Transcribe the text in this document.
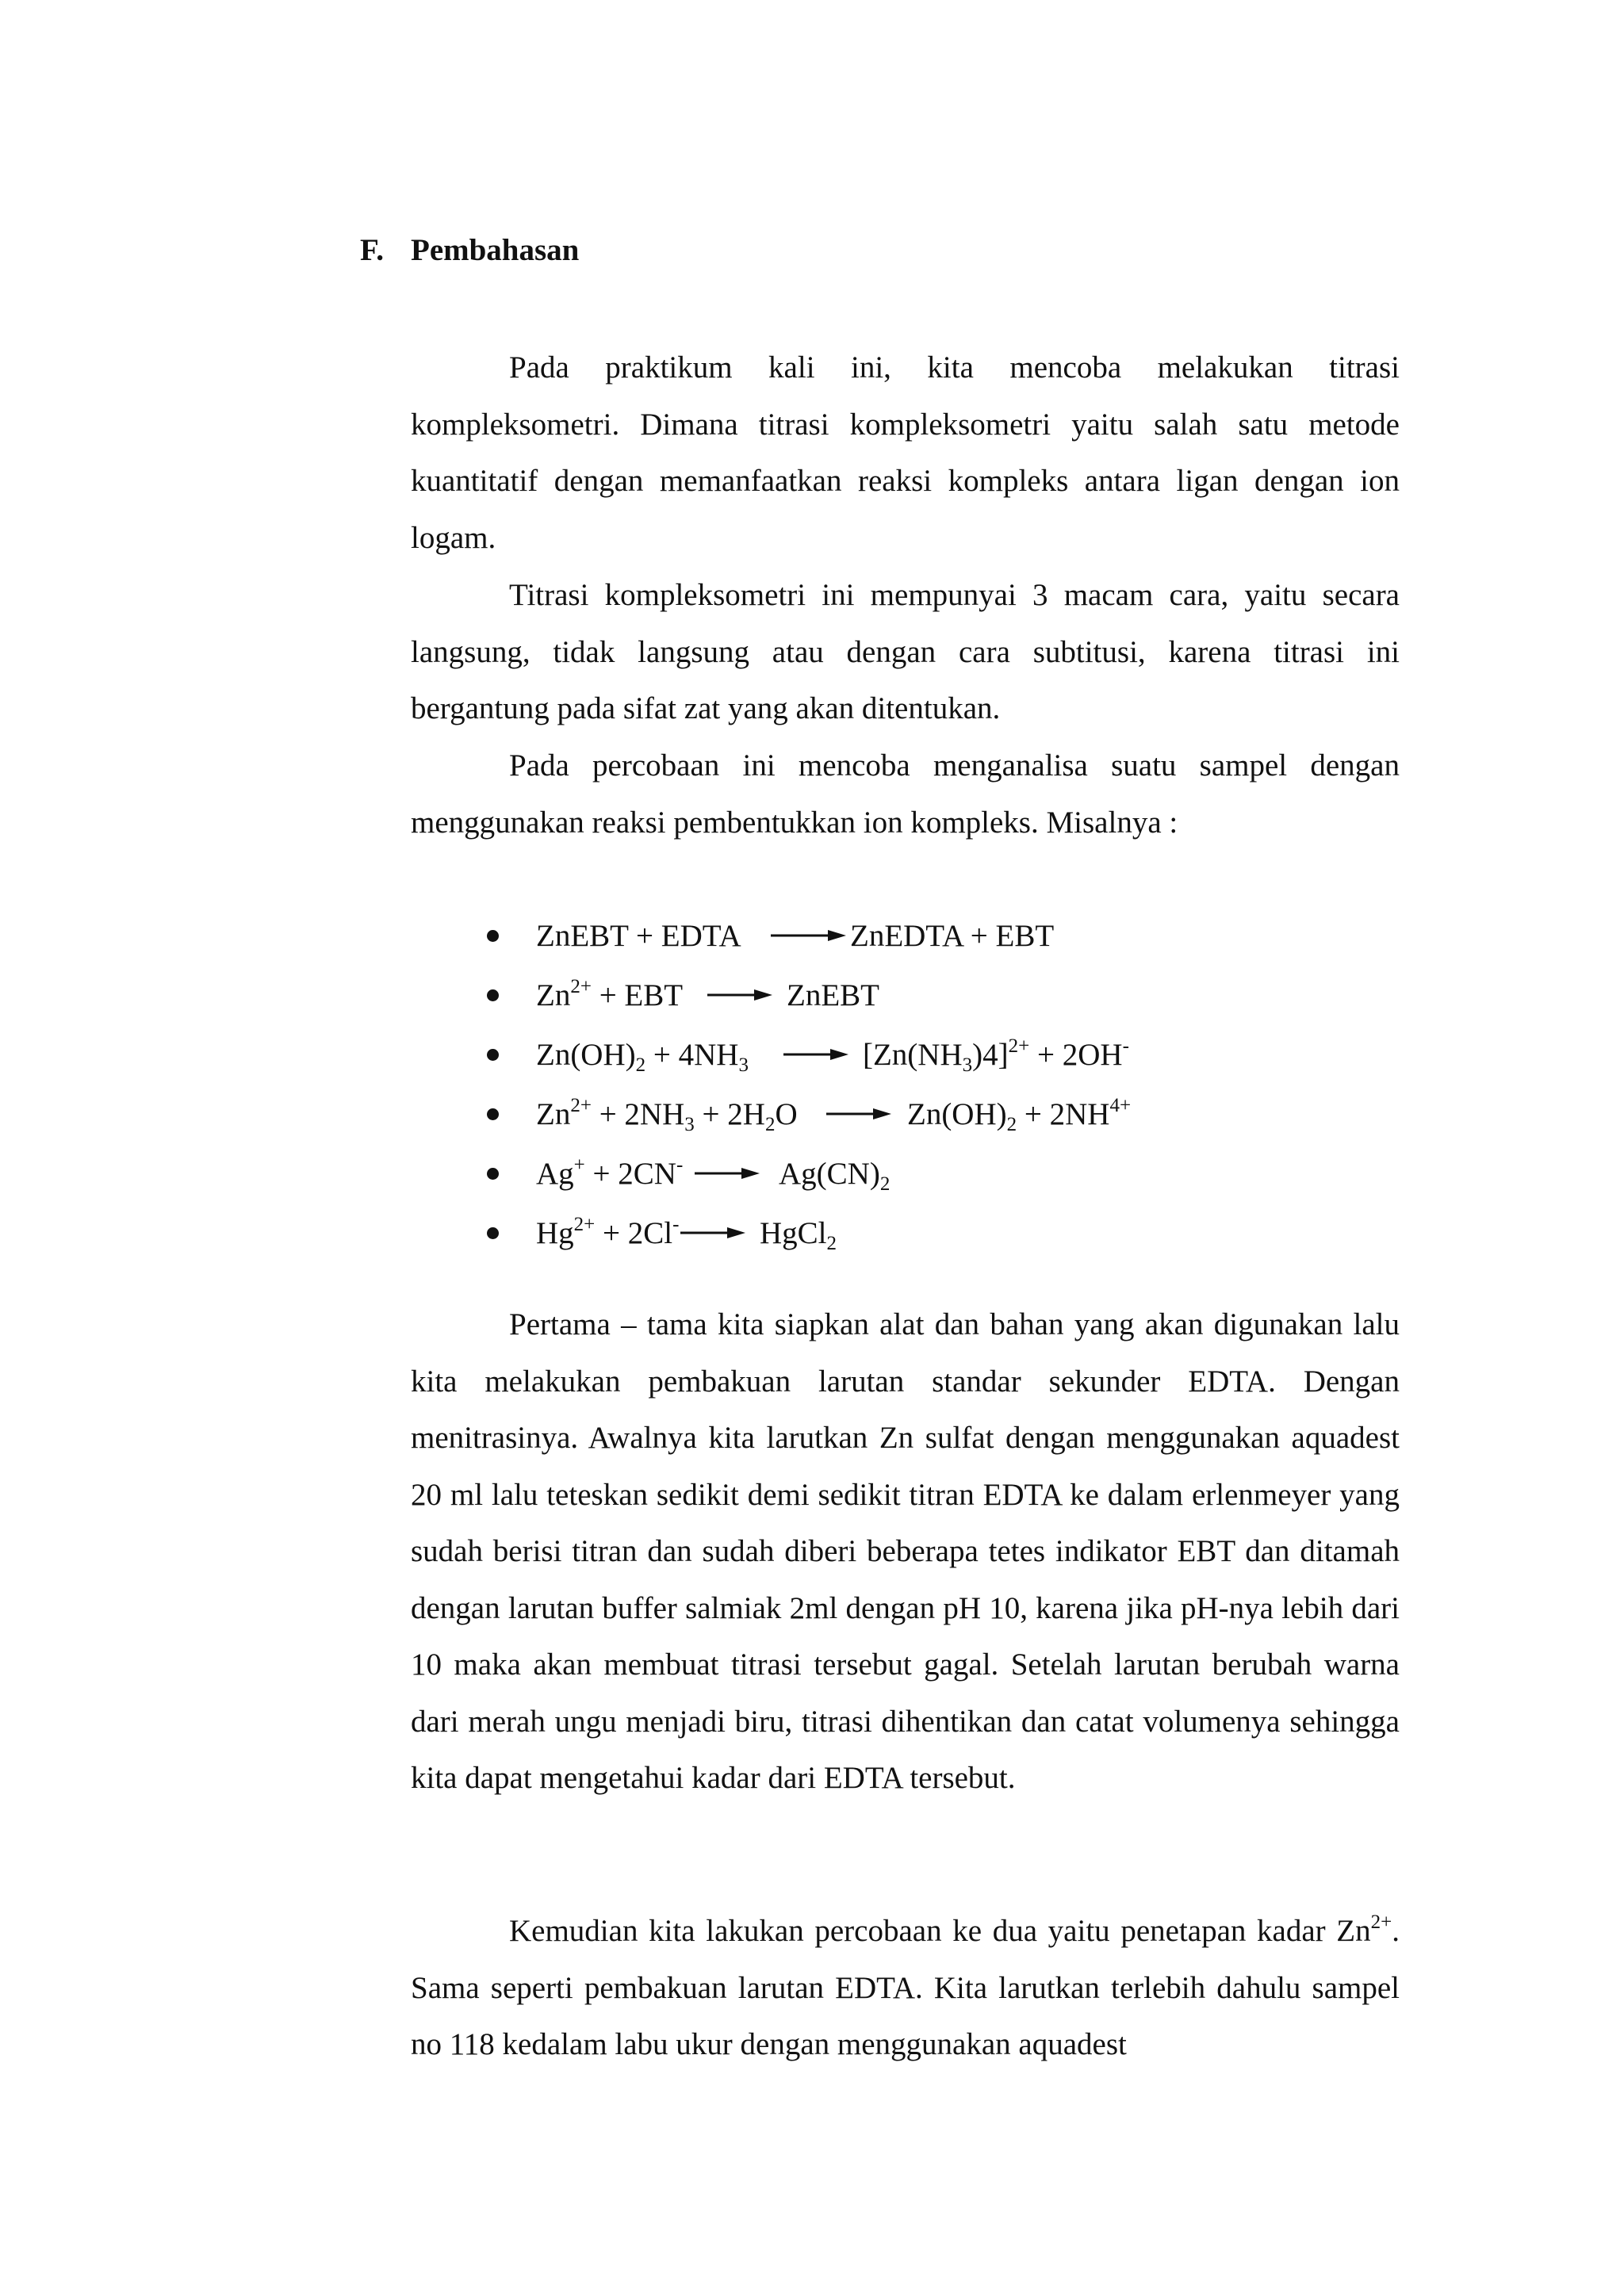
F. Pembahasan

Pada praktikum kali ini, kita mencoba melakukan titrasi kompleksometri. Dimana titrasi kompleksometri yaitu salah satu metode kuantitatif dengan memanfaatkan reaksi kompleks antara ligan dengan ion logam.

Titrasi kompleksometri ini mempunyai 3 macam cara, yaitu secara langsung, tidak langsung atau dengan cara subtitusi, karena titrasi ini bergantung pada sifat zat yang akan ditentukan.

Pada percobaan ini mencoba menganalisa suatu sampel dengan menggunakan reaksi pembentukkan ion kompleks. Misalnya :

ZnEBT + EDTA → ZnEDTA + EBT
$Zn^{2+}$ + EBT → ZnEBT
$Zn(OH)_2 + 4NH_3 \to [Zn(NH_3)4]^{2+} + 2OH^-$
$Zn^{2+} + 2NH_3 + 2H_2O \to Zn(OH)_2 + 2NH^{4+}$
$Ag^+ + 2CN^- \to Ag(CN)_2$
$Hg^{2+} + 2Cl^-$ → HgCl$_2$

Pertama – tama kita siapkan alat dan bahan yang akan digunakan lalu kita melakukan pembakuan larutan standar sekunder EDTA. Dengan menitrasinya. Awalnya kita larutkan Zn sulfat dengan menggunakan aquadest 20 ml lalu teteskan sedikit demi sedikit titran EDTA ke dalam erlenmeyer yang sudah berisi titran dan sudah diberi beberapa tetes indikator EBT dan ditamah dengan larutan buffer salmiak 2ml dengan pH 10, karena jika pH-nya lebih dari 10 maka akan membuat titrasi tersebut gagal. Setelah larutan berubah warna dari merah ungu menjadi biru, titrasi dihentikan dan catat volumenya sehingga kita dapat mengetahui kadar dari EDTA tersebut.

Kemudian kita lakukan percobaan ke dua yaitu penetapan kadar $Zn^{2+}$. Sama seperti pembakuan larutan EDTA. Kita larutkan terlebih dahulu sampel no 118 kedalam labu ukur dengan menggunakan aquadest
